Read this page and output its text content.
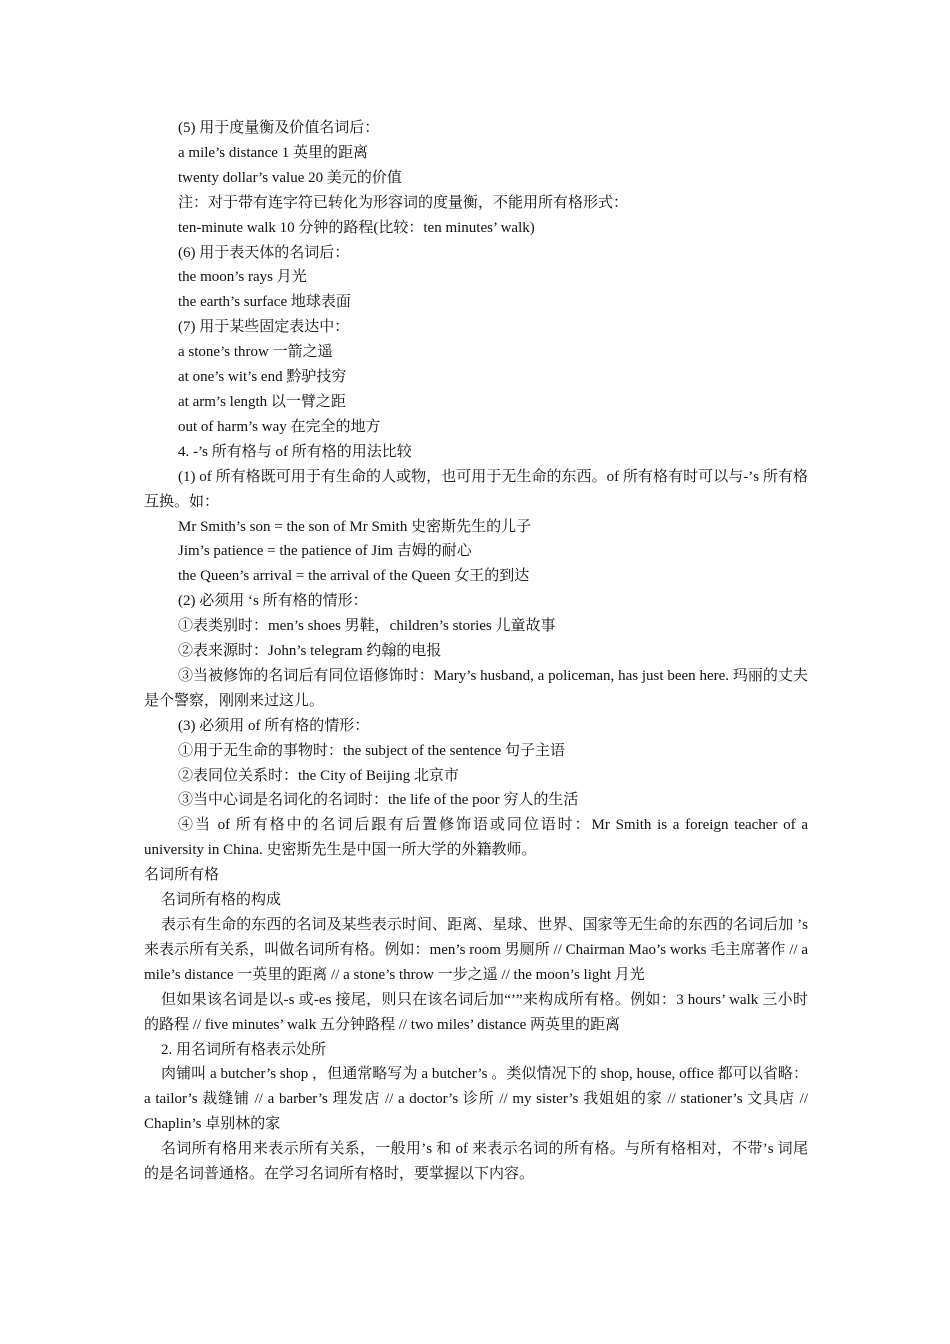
(5) 用于度量衡及价值名词后：

a mile’s distance 1 英里的距离

twenty dollar’s value 20 美元的价值

注：对于带有连字符已转化为形容词的度量衡，不能用所有格形式：

ten-minute walk 10 分钟的路程(比较：ten minutes’ walk)

(6) 用于表天体的名词后：

the moon’s rays 月光

the earth’s surface 地球表面

(7) 用于某些固定表达中：

a stone’s throw 一箭之遥

at one’s wit’s end 黔驴技穷

at arm’s length 以一臂之距

out of harm’s way 在完全的地方

4. -’s 所有格与 of 所有格的用法比较

(1) of 所有格既可用于有生命的人或物，也可用于无生命的东西。of 所有格有时可以与-’s 所有格互换。如：

Mr Smith’s son = the son of Mr Smith 史密斯先生的儿子

Jim’s patience = the patience of Jim 吉姆的耐心

the Queen’s arrival = the arrival of the Queen 女王的到达

(2) 必须用 ‘s 所有格的情形：

①表类别时：men’s shoes 男鞋，children’s stories 儿童故事

②表来源时：John’s telegram 约翰的电报

③当被修饰的名词后有同位语修饰时：Mary’s husband, a policeman, has just been here. 玛丽的丈夫是个警察，刚刚来过这儿。

(3) 必须用 of 所有格的情形：

①用于无生命的事物时：the subject of the sentence 句子主语

②表同位关系时：the City of Beijing 北京市

③当中心词是名词化的名词时：the life of the poor 穷人的生活

④当 of 所有格中的名词后跟有后置修饰语或同位语时：Mr Smith is a foreign teacher of a university in China. 史密斯先生是中国一所大学的外籍教师。

名词所有格

名词所有格的构成

表示有生命的东西的名词及某些表示时间、距离、星球、世界、国家等无生命的东西的名词后加 ’s 来表示所有关系，叫做名词所有格。例如：men’s room 男厕所 // Chairman Mao’s works 毛主席著作 // a mile’s distance 一英里的距离 // a stone’s throw 一步之遥 // the moon’s light 月光

但如果该名词是以-s 或-es 接尾，则只在该名词后加“’”来构成所有格。例如：3 hours’ walk 三小时的路程 // five minutes’ walk 五分钟路程 // two miles’ distance 两英里的距离

2. 用名词所有格表示处所

肉铺叫 a butcher’s shop ，但通常略写为 a butcher’s 。类似情况下的 shop, house, office 都可以省略：a tailor’s 裁缝铺 // a barber’s 理发店 // a doctor’s 诊所 // my sister’s 我姐姐的家 // stationer’s 文具店 // Chaplin’s 卓别林的家

名词所有格用来表示所有关系，一般用’s 和 of 来表示名词的所有格。与所有格相对，不带’s 词尾的是名词普通格。在学习名词所有格时，要掌握以下内容。
